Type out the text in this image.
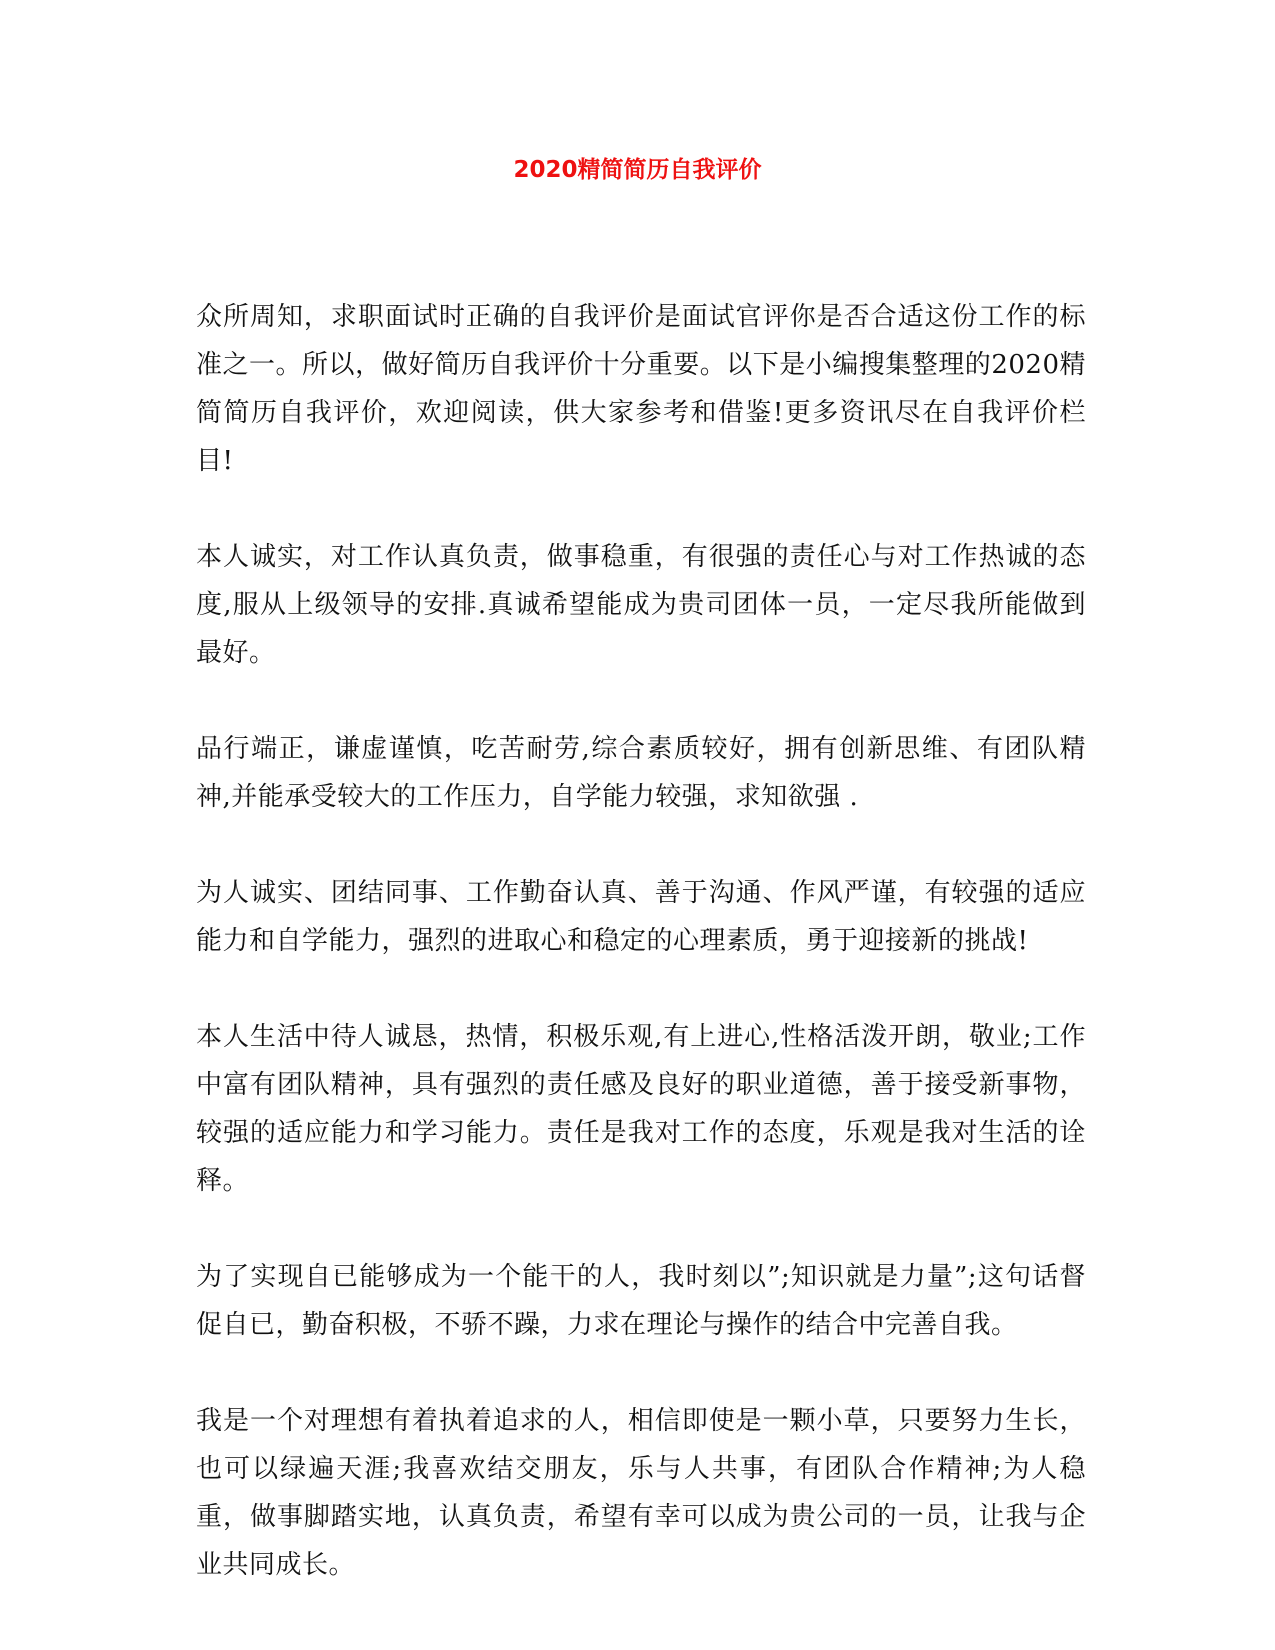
2020精简简历自我评价

众所周知，求职面试时正确的自我评价是面试官评你是否合适这份工作的标准之一。所以，做好简历自我评价十分重要。以下是小编搜集整理的2020精简简历自我评价，欢迎阅读，供大家参考和借鉴!更多资讯尽在自我评价栏目!

本人诚实，对工作认真负责，做事稳重，有很强的责任心与对工作热诚的态度,服从上级领导的安排.真诚希望能成为贵司团体一员，一定尽我所能做到最好。

品行端正，谦虚谨慎，吃苦耐劳,综合素质较好，拥有创新思维、有团队精神,并能承受较大的工作压力，自学能力较强，求知欲强 .

为人诚实、团结同事、工作勤奋认真、善于沟通、作风严谨，有较强的适应能力和自学能力，强烈的进取心和稳定的心理素质，勇于迎接新的挑战!

本人生活中待人诚恳，热情，积极乐观,有上进心,性格活泼开朗，敬业;工作中富有团队精神，具有强烈的责任感及良好的职业道德，善于接受新事物，较强的适应能力和学习能力。责任是我对工作的态度，乐观是我对生活的诠释。

为了实现自已能够成为一个能干的人，我时刻以”;知识就是力量”;这句话督促自已，勤奋积极，不骄不躁，力求在理论与操作的结合中完善自我。

我是一个对理想有着执着追求的人，相信即使是一颗小草，只要努力生长，也可以绿遍天涯;我喜欢结交朋友，乐与人共事，有团队合作精神;为人稳重，做事脚踏实地，认真负责，希望有幸可以成为贵公司的一员，让我与企业共同成长。
